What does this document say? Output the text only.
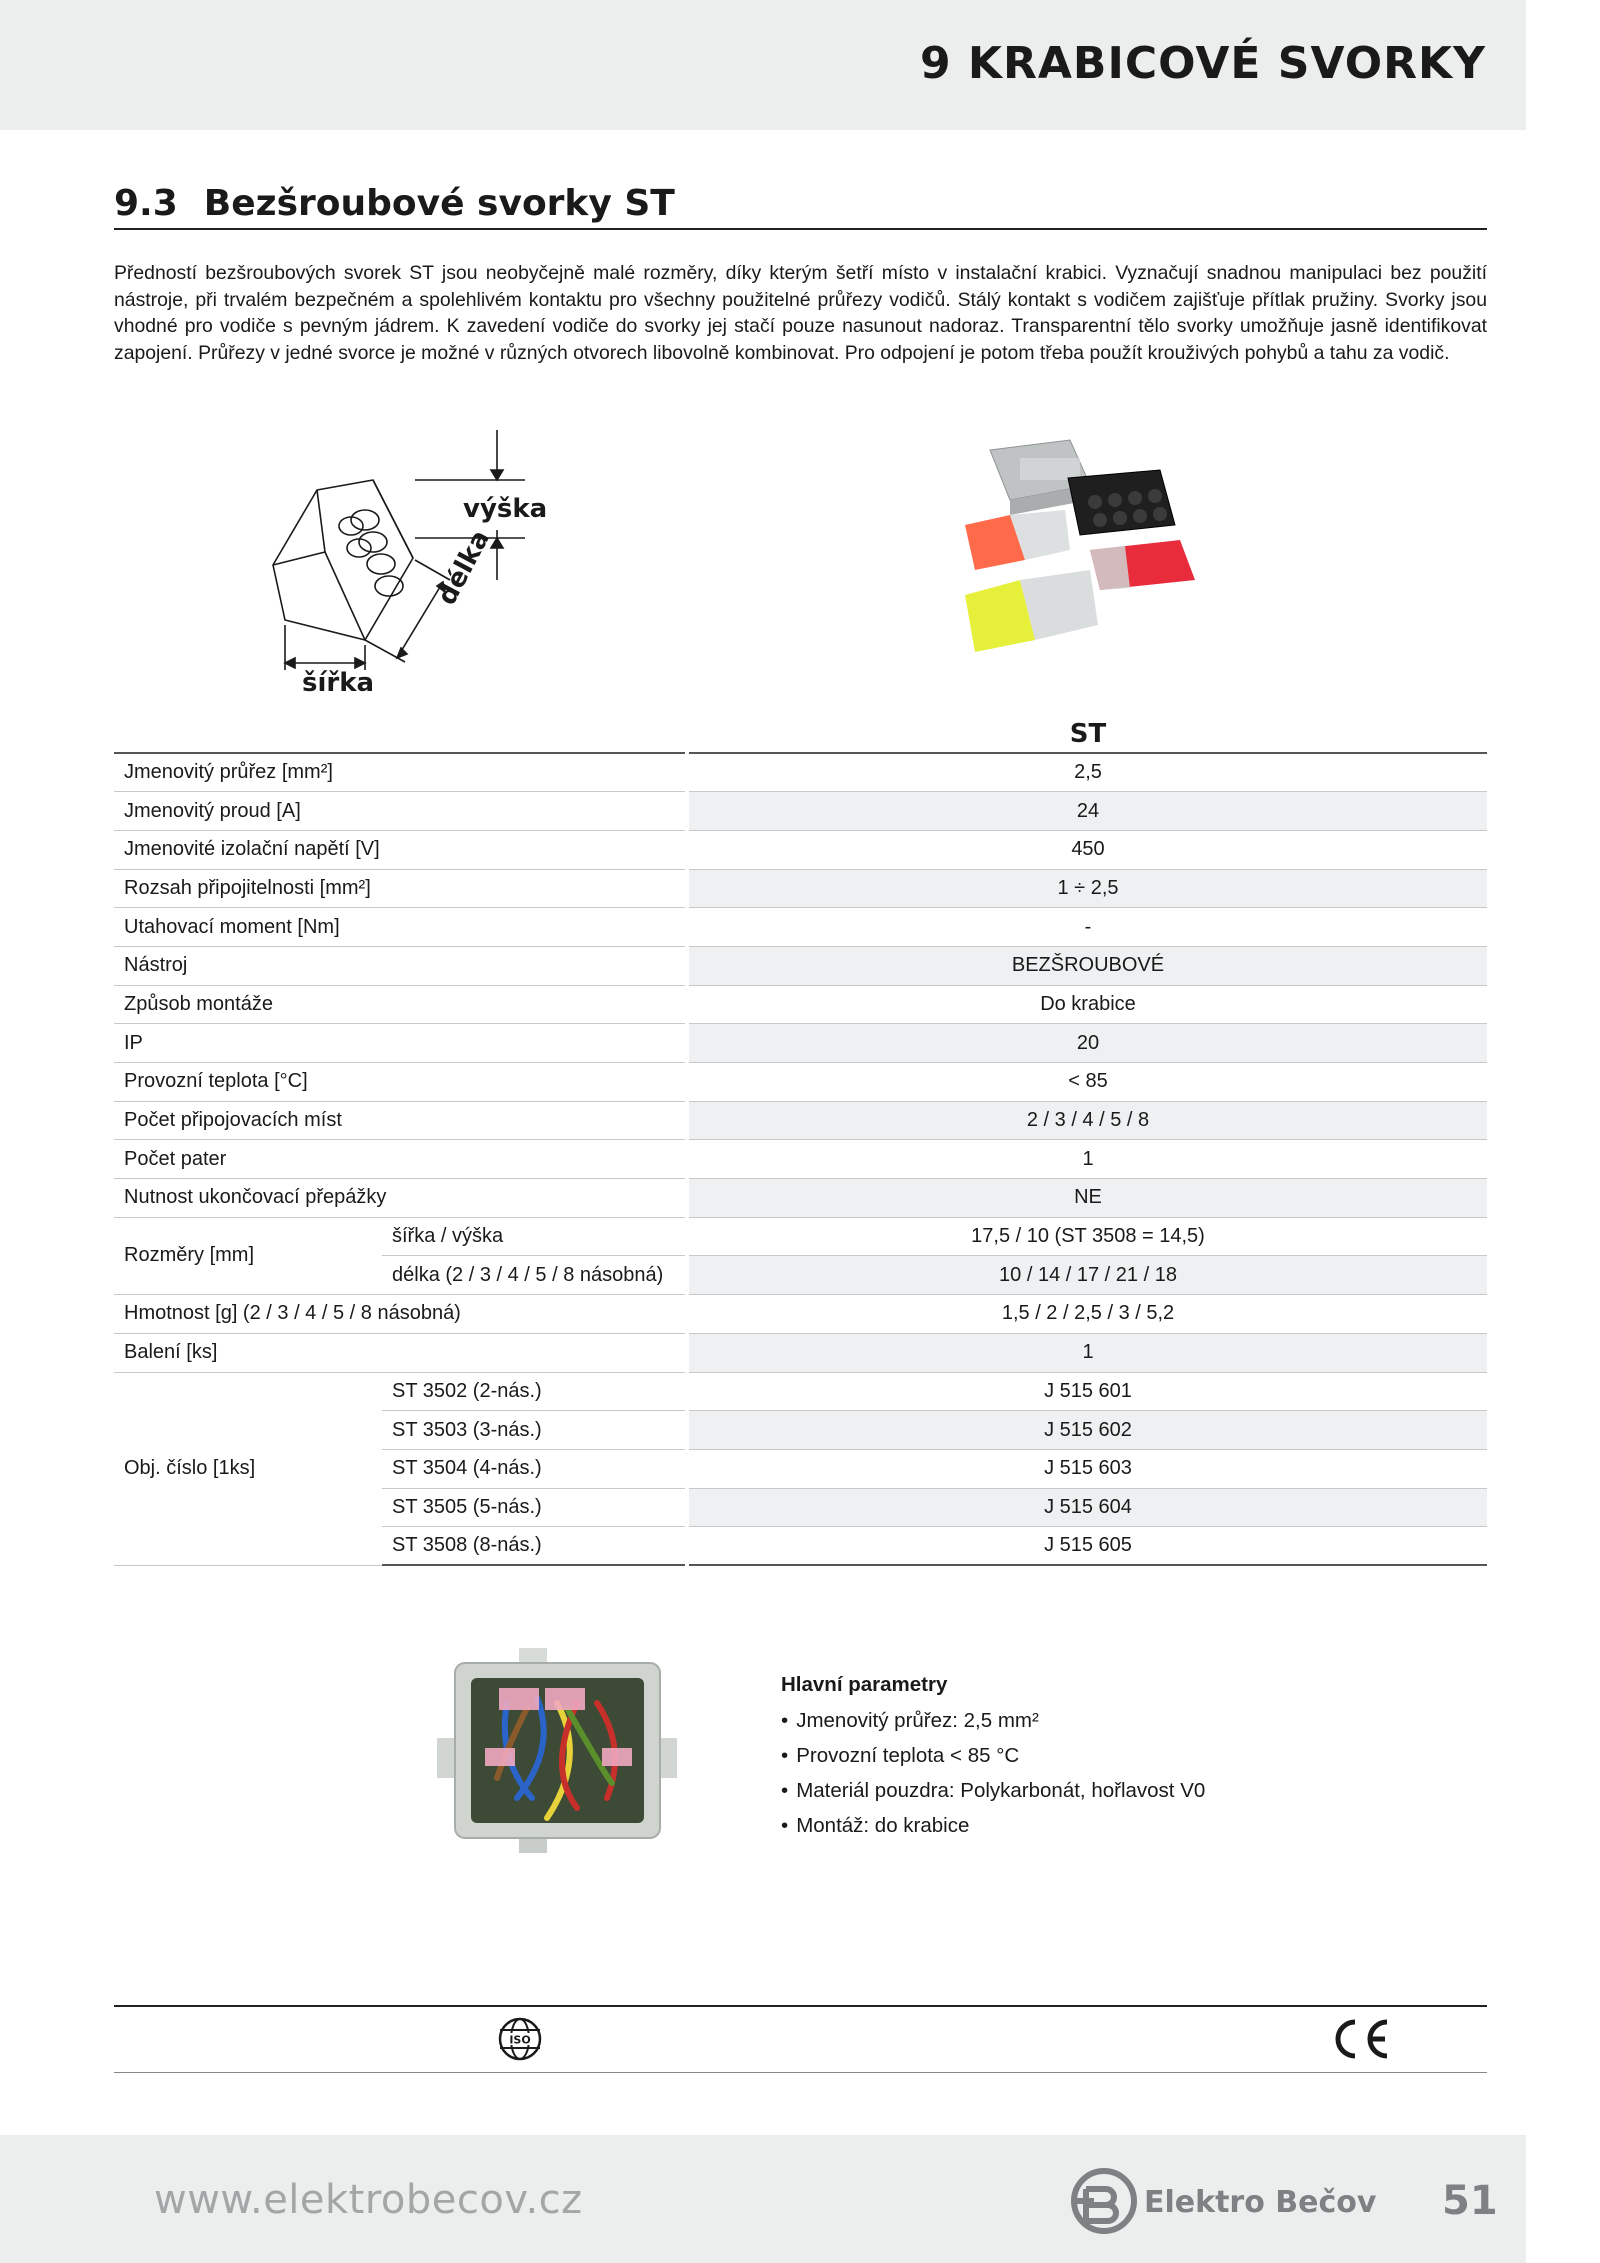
9 KRABICOVÉ SVORKY
9.3 Bezšroubové svorky ST

Předností bezšroubových svorek ST jsou neobyčejně malé rozměry, díky kterým šetří místo v instalační krabici. Vyznačují snadnou manipulaci bez použití nástroje, při trvalém bezpečném a spolehlivém kontaktu pro všechny použitelné průřezy vodičů. Stálý kontakt s vodičem zajišťuje přítlak pružiny. Svorky jsou vhodné pro vodiče s pevným jádrem. K zavedení vodiče do svorky jej stačí pouze nasunout nadoraz. Transparentní tělo svorky umožňuje jasně identifikovat zapojení. Průřezy v jedné svorce je možné v různých otvorech libovolně kombinovat. Pro odpojení je potom třeba použít krouživých pohybů a tahu za vodič.

výška
šířka
délka
		ST
Jmenovitý průřez [mm²]		2,5
Jmenovitý proud [A]		24
Jmenovité izolační napětí [V]		450
Rozsah připojitelnosti [mm²]		1 ÷ 2,5
Utahovací moment [Nm]		-
Nástroj		BEZŠROUBOVÉ
Způsob montáže		Do krabice
IP		20
Provozní teplota [°C]		< 85
Počet připojovacích míst		2 / 3 / 4 / 5 / 8
Počet pater		1
Nutnost ukončovací přepážky		NE
Rozměry [mm]	šířka / výška	17,5 / 10 (ST 3508 = 14,5)
	délka (2 / 3 / 4 / 5 / 8 násobná)	10 / 14 / 17 / 21 / 18
Hmotnost [g] (2 / 3 / 4 / 5 / 8 násobná)		1,5 / 2 / 2,5 / 3 / 5,2
Balení [ks]		1
Obj. číslo [1ks]	ST 3502 (2-nás.)	J 515 601
	ST 3503 (3-nás.)	J 515 602
	ST 3504 (4-nás.)	J 515 603
	ST 3505 (5-nás.)	J 515 604
	ST 3508 (8-nás.)	J 515 605
Hlavní parametry
• Jmenovitý průřez: 2,5 mm²
• Provozní teplota < 85 °C
• Materiál pouzdra: Polykarbonát, hořlavost V0
• Montáž: do krabice
ISO
www.elektrobecov.cz	Elektro Bečov 51
